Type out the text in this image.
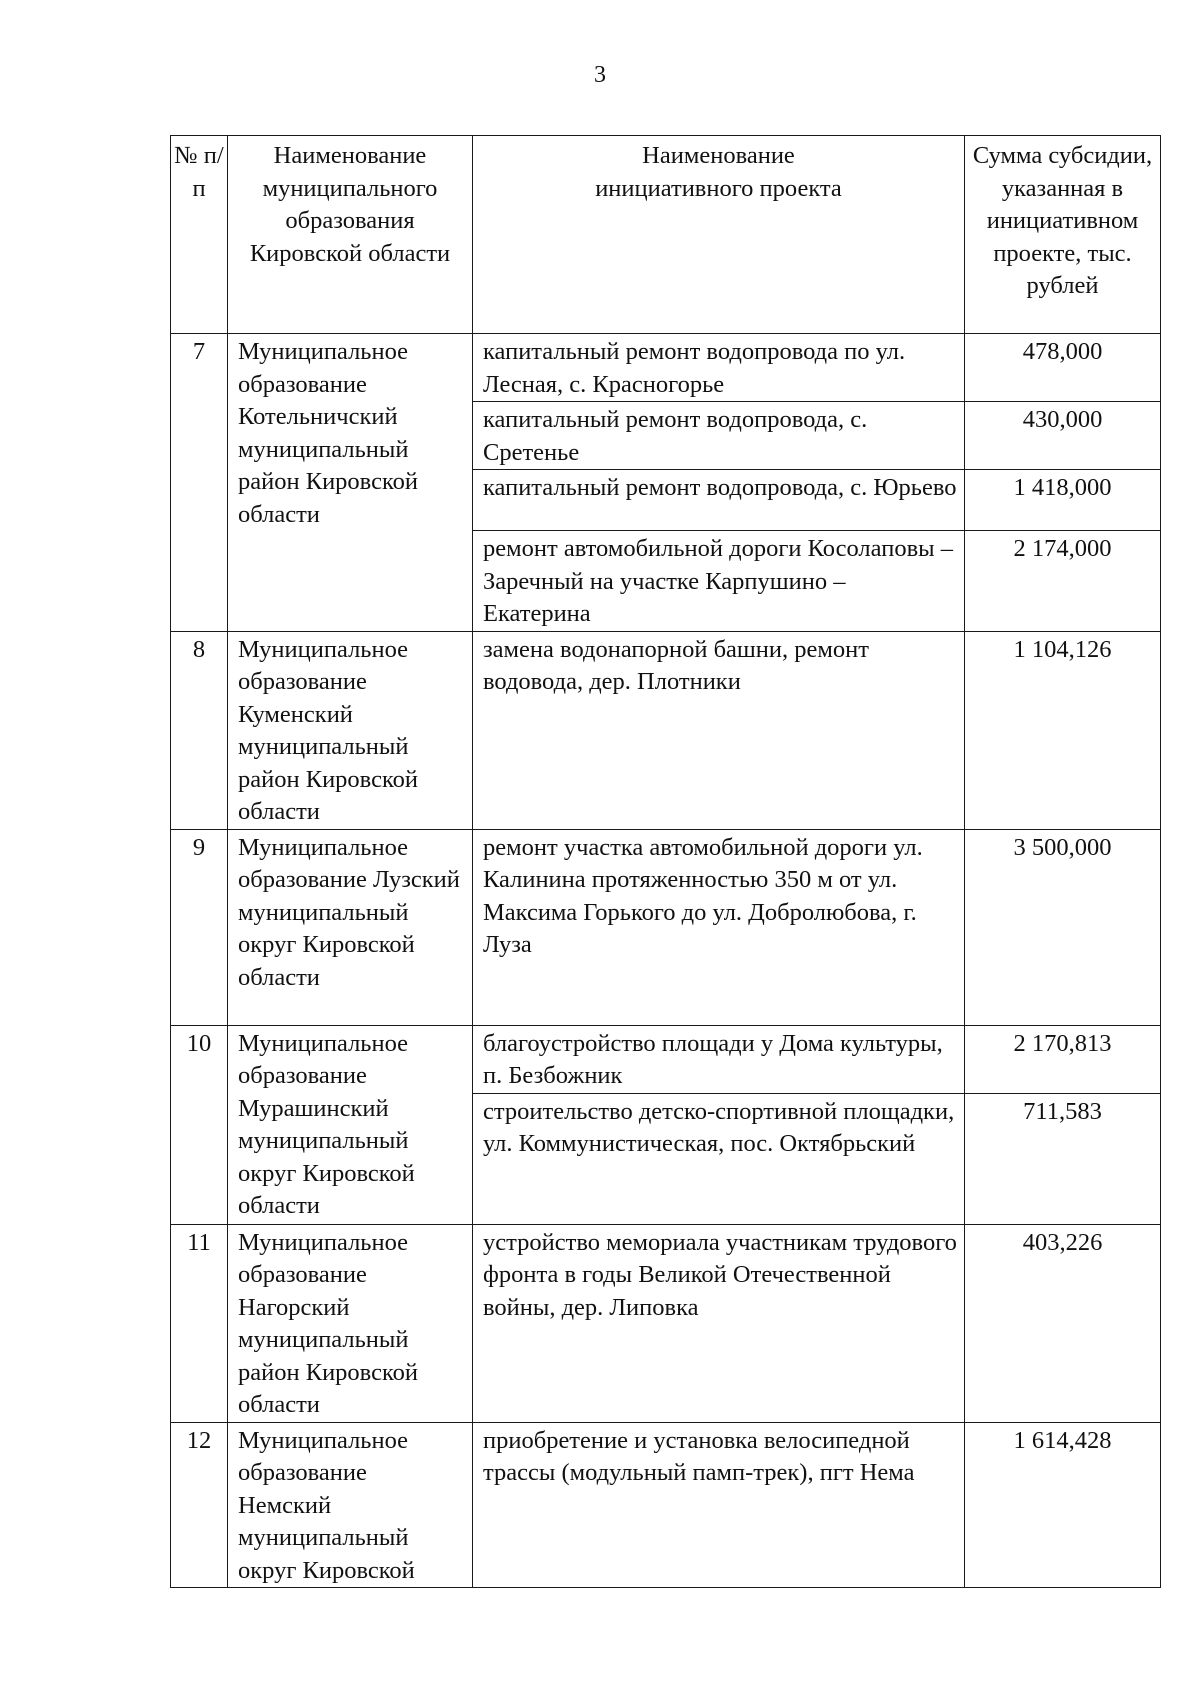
3
№ п/п	Наименование муниципального образования Кировской области	Наименование инициативного проекта	Сумма субсидии, указанная в инициативном проекте, тыс. рублей
7	Муниципальное образование Котельничский муниципальный район Кировской области	капитальный ремонт водопровода по ул. Лесная, с. Красногорье	478,000
		капитальный ремонт водопровода, с. Сретенье	430,000
		капитальный ремонт водопровода, с. Юрьево	1 418,000
		ремонт автомобильной дороги Косолаповы – Заречный на участке Карпушино – Екатерина	2 174,000
8	Муниципальное образование Куменский муниципальный район Кировской области	замена водонапорной башни, ремонт водовода, дер. Плотники	1 104,126
9	Муниципальное образование Лузский муниципальный округ Кировской области	ремонт участка автомобильной дороги ул. Калинина протяженностью 350 м от ул. Максима Горького до ул. Добролюбова, г. Луза	3 500,000
10	Муниципальное образование Мурашинский муниципальный округ Кировской области	благоустройство площади у Дома культуры, п. Безбожник	2 170,813
		строительство детско-спортивной площадки, ул. Коммунистическая, пос. Октябрьский	711,583
11	Муниципальное образование Нагорский муниципальный район Кировской области	устройство мемориала участникам трудового фронта в годы Великой Отечественной войны, дер. Липовка	403,226
12	Муниципальное образование Немский муниципальный округ Кировской	приобретение и установка велосипедной трассы (модульный памп-трек), пгт Нема	1 614,428
